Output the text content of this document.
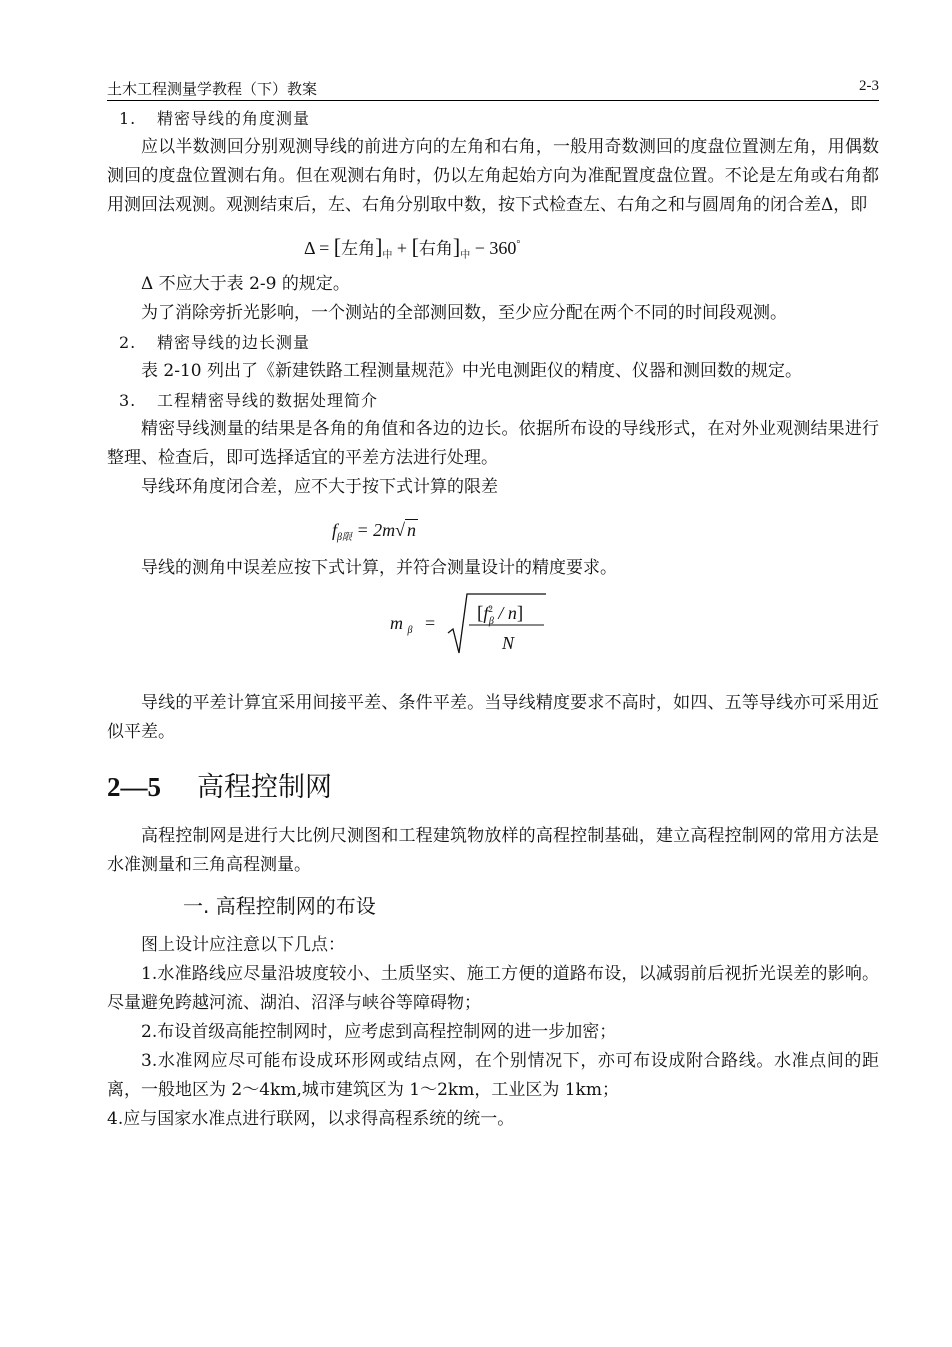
土木工程测量学教程（下）教案	2-3

1. 精密导线的角度测量

应以半数测回分别观测导线的前进方向的左角和右角，一般用奇数测回的度盘位置测左角，用偶数测回的度盘位置测右角。但在观测右角时，仍以左角起始方向为准配置度盘位置。不论是左角或右角都用测回法观测。观测结束后，左、右角分别取中数，按下式检查左、右角之和与圆周角的闭合差Δ，即

Δ = [左角]$_中$ + [右角]$_中 - 360^\circ$

Δ 不应大于表 2-9 的规定。

为了消除旁折光影响，一个测站的全部测回数，至少应分配在两个不同的时间段观测。

2. 精密导线的边长测量

表 2-10 列出了《新建铁路工程测量规范》中光电测距仪的精度、仪器和测回数的规定。

3. 工程精密导线的数据处理简介

精密导线测量的结果是各角的角值和各边的边长。依据所布设的导线形式，在对外业观测结果进行整理、检查后，即可选择适宜的平差方法进行处理。

导线环角度闭合差，应不大于按下式计算的限差

$f_{\beta 限} = 2m√$ n

导线的测角中误差应按下式计算，并符合测量设计的精度要求。

m $_\beta = [f^2_\beta / n]$
N

导线的平差计算宜采用间接平差、条件平差。当导线精度要求不高时，如四、五等导线亦可采用近似平差。

2—5 高程控制网

高程控制网是进行大比例尺测图和工程建筑物放样的高程控制基础，建立高程控制网的常用方法是水准测量和三角高程测量。

一. 高程控制网的布设

图上设计应注意以下几点：

1.水准路线应尽量沿坡度较小、土质坚实、施工方便的道路布设，以减弱前后视折光误差的影响。尽量避免跨越河流、湖泊、沼泽与峡谷等障碍物；

2.布设首级高能控制网时，应考虑到高程控制网的进一步加密；

3.水准网应尽可能布设成环形网或结点网，在个别情况下，亦可布设成附合路线。水准点间的距离，一般地区为 2～4km,城市建筑区为 1～2km，工业区为 1km；

4.应与国家水准点进行联网，以求得高程系统的统一。
